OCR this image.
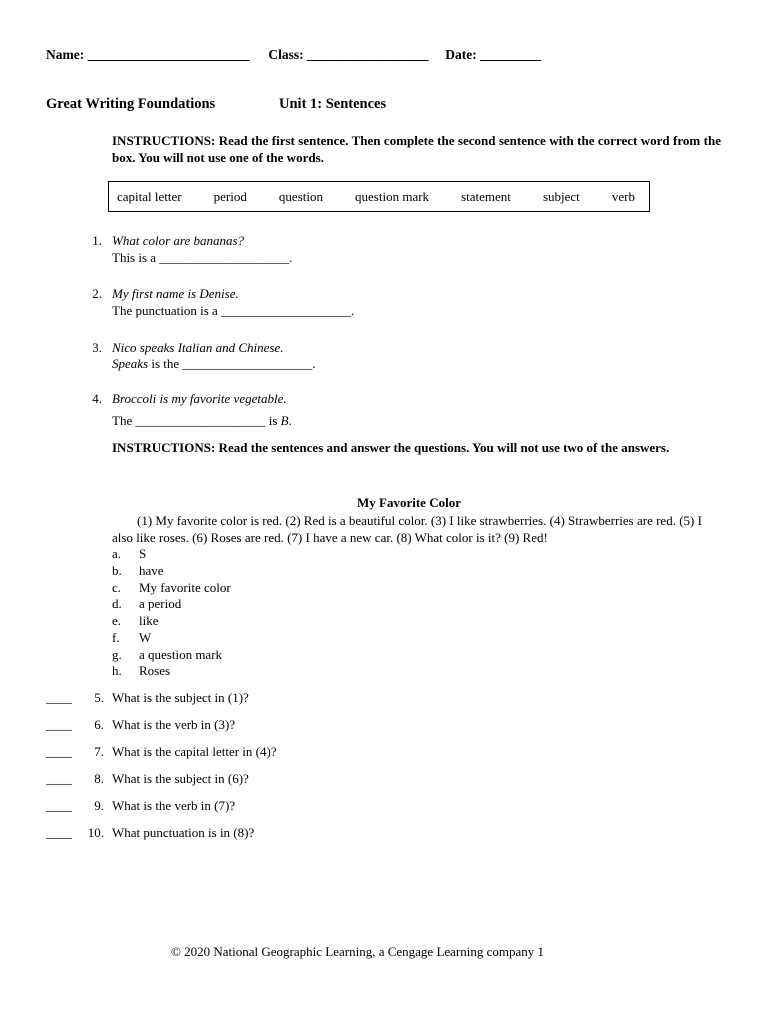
Name: ________________________ Class: __________________ Date: _________
Great Writing Foundations	Unit 1: Sentences
INSTRUCTIONS: Read the first sentence. Then complete the second sentence with the correct word from the box. You will not use one of the words.
capital letter period question question mark statement subject verb
1. What color are bananas?
This is a ____________________.
2. My first name is Denise.
The punctuation is a ____________________.
3. Nico speaks Italian and Chinese.
Speaks is the ____________________.
4. Broccoli is my favorite vegetable.
The ____________________ is B.
INSTRUCTIONS: Read the sentences and answer the questions. You will not use two of the answers.
My Favorite Color
(1) My favorite color is red. (2) Red is a beautiful color. (3) I like strawberries. (4) Strawberries are red. (5) I also like roses. (6) Roses are red. (7) I have a new car. (8) What color is it? (9) Red!
a. S
b. have
c. My favorite color
d. a period
e. like
f. W
g. a question mark
h. Roses
____	5. What is the subject in (1)?
____	6. What is the verb in (3)?
____	7. What is the capital letter in (4)?
____	8. What is the subject in (6)?
____	9. What is the verb in (7)?
____	10. What punctuation is in (8)?
© 2020 National Geographic Learning, a Cengage Learning company 1
